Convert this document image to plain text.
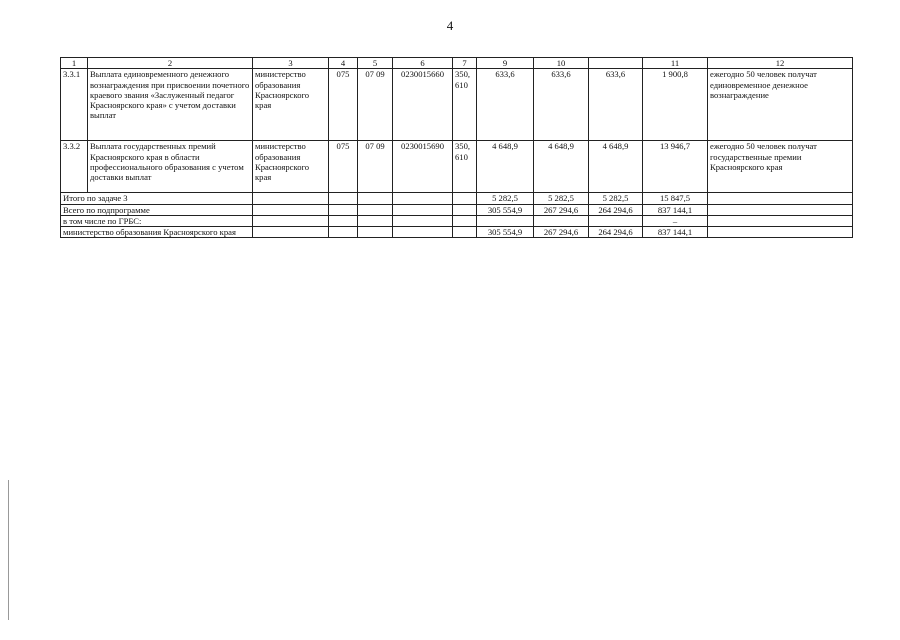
4
1	2	3	4	5	6	7	9	10		11	12
3.3.1	Выплата единовременного денежного вознаграждения при присвоении почетного краевого звания «Заслуженный педагог Красноярского края» с учетом доставки выплат	министерство образования Красноярского края	075	07 09	0230015660	350, 610	633,6	633,6	633,6	1 900,8	ежегодно 50 человек получат единовременное денежное вознаграждение
3.3.2	Выплата государственных премий Красноярского края в области профессионального образования с учетом доставки выплат	министерство образования Красноярского края	075	07 09	0230015690	350, 610	4 648,9	4 648,9	4 648,9	13 946,7	ежегодно 50 человек получат государственные премии Красноярского края
Итого по задаче 3							5 282,5	5 282,5	5 282,5	15 847,5	
Всего по подпрограмме							305 554,9	267 294,6	264 294,6	837 144,1	
в том числе по ГРБС:										–	
министерство образования Красноярского края							305 554,9	267 294,6	264 294,6	837 144,1	
